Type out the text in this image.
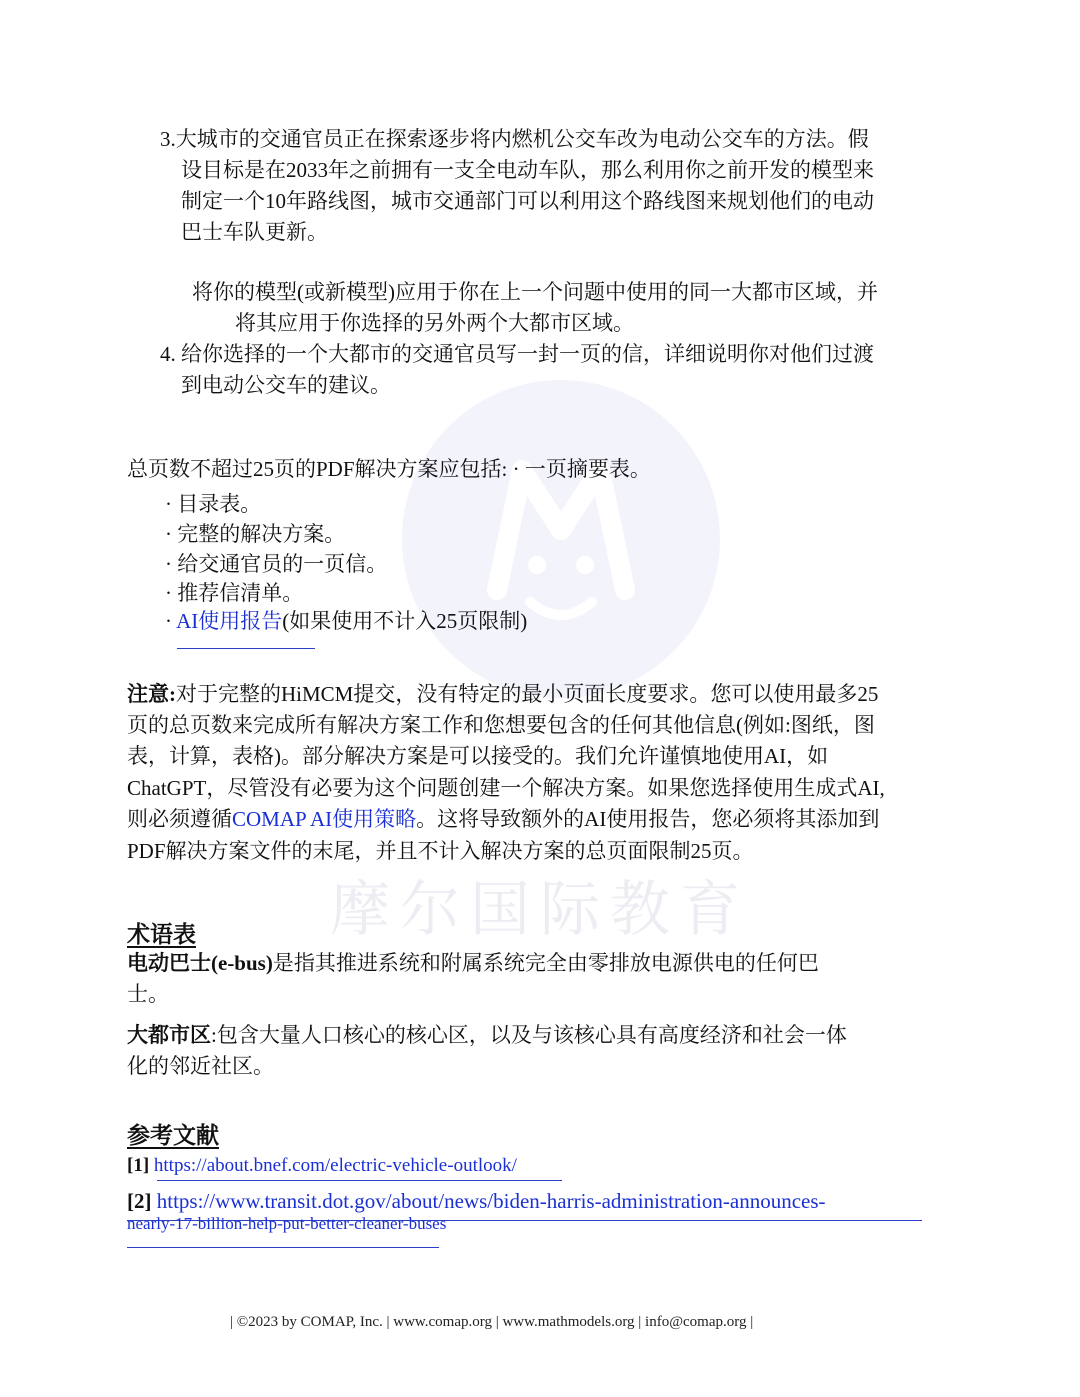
摩尔国际教育
3.大城市的交通官员正在探索逐步将内燃机公交车改为电动公交车的方法。假
设目标是在2033年之前拥有一支全电动车队，那么利用你之前开发的模型来
制定一个10年路线图，城市交通部门可以利用这个路线图来规划他们的电动
巴士车队更新。
将你的模型(或新模型)应用于你在上一个问题中使用的同一大都市区域，并
将其应用于你选择的另外两个大都市区域。
4. 给你选择的一个大都市的交通官员写一封一页的信，详细说明你对他们过渡
到电动公交车的建议。
总页数不超过25页的PDF解决方案应包括: · 一页摘要表。
· 目录表。
· 完整的解决方案。
· 给交通官员的一页信。
· 推荐信清单。
· AI使用报告(如果使用不计入25页限制)
注意:对于完整的HiMCM提交，没有特定的最小页面长度要求。您可以使用最多25
页的总页数来完成所有解决方案工作和您想要包含的任何其他信息(例如:图纸，图
表，计算，表格)。部分解决方案是可以接受的。我们允许谨慎地使用AI，如
ChatGPT，尽管没有必要为这个问题创建一个解决方案。如果您选择使用生成式AI,
则必须遵循COMAP AI使用策略。这将导致额外的AI使用报告，您必须将其添加到
PDF解决方案文件的末尾，并且不计入解决方案的总页面限制25页。
术语表
电动巴士(e-bus)是指其推进系统和附属系统完全由零排放电源供电的任何巴
士。
大都市区:包含大量人口核心的核心区，以及与该核心具有高度经济和社会一体
化的邻近社区。
参考文献
[1] https://about.bnef.com/electric-vehicle-outlook/
[2] https://www.transit.dot.gov/about/news/biden-harris-administration-announces-
nearly-17-billion-help-put-better-cleaner-buses
| ©2023 by COMAP, Inc. | www.comap.org | www.mathmodels.org | info@comap.org |
